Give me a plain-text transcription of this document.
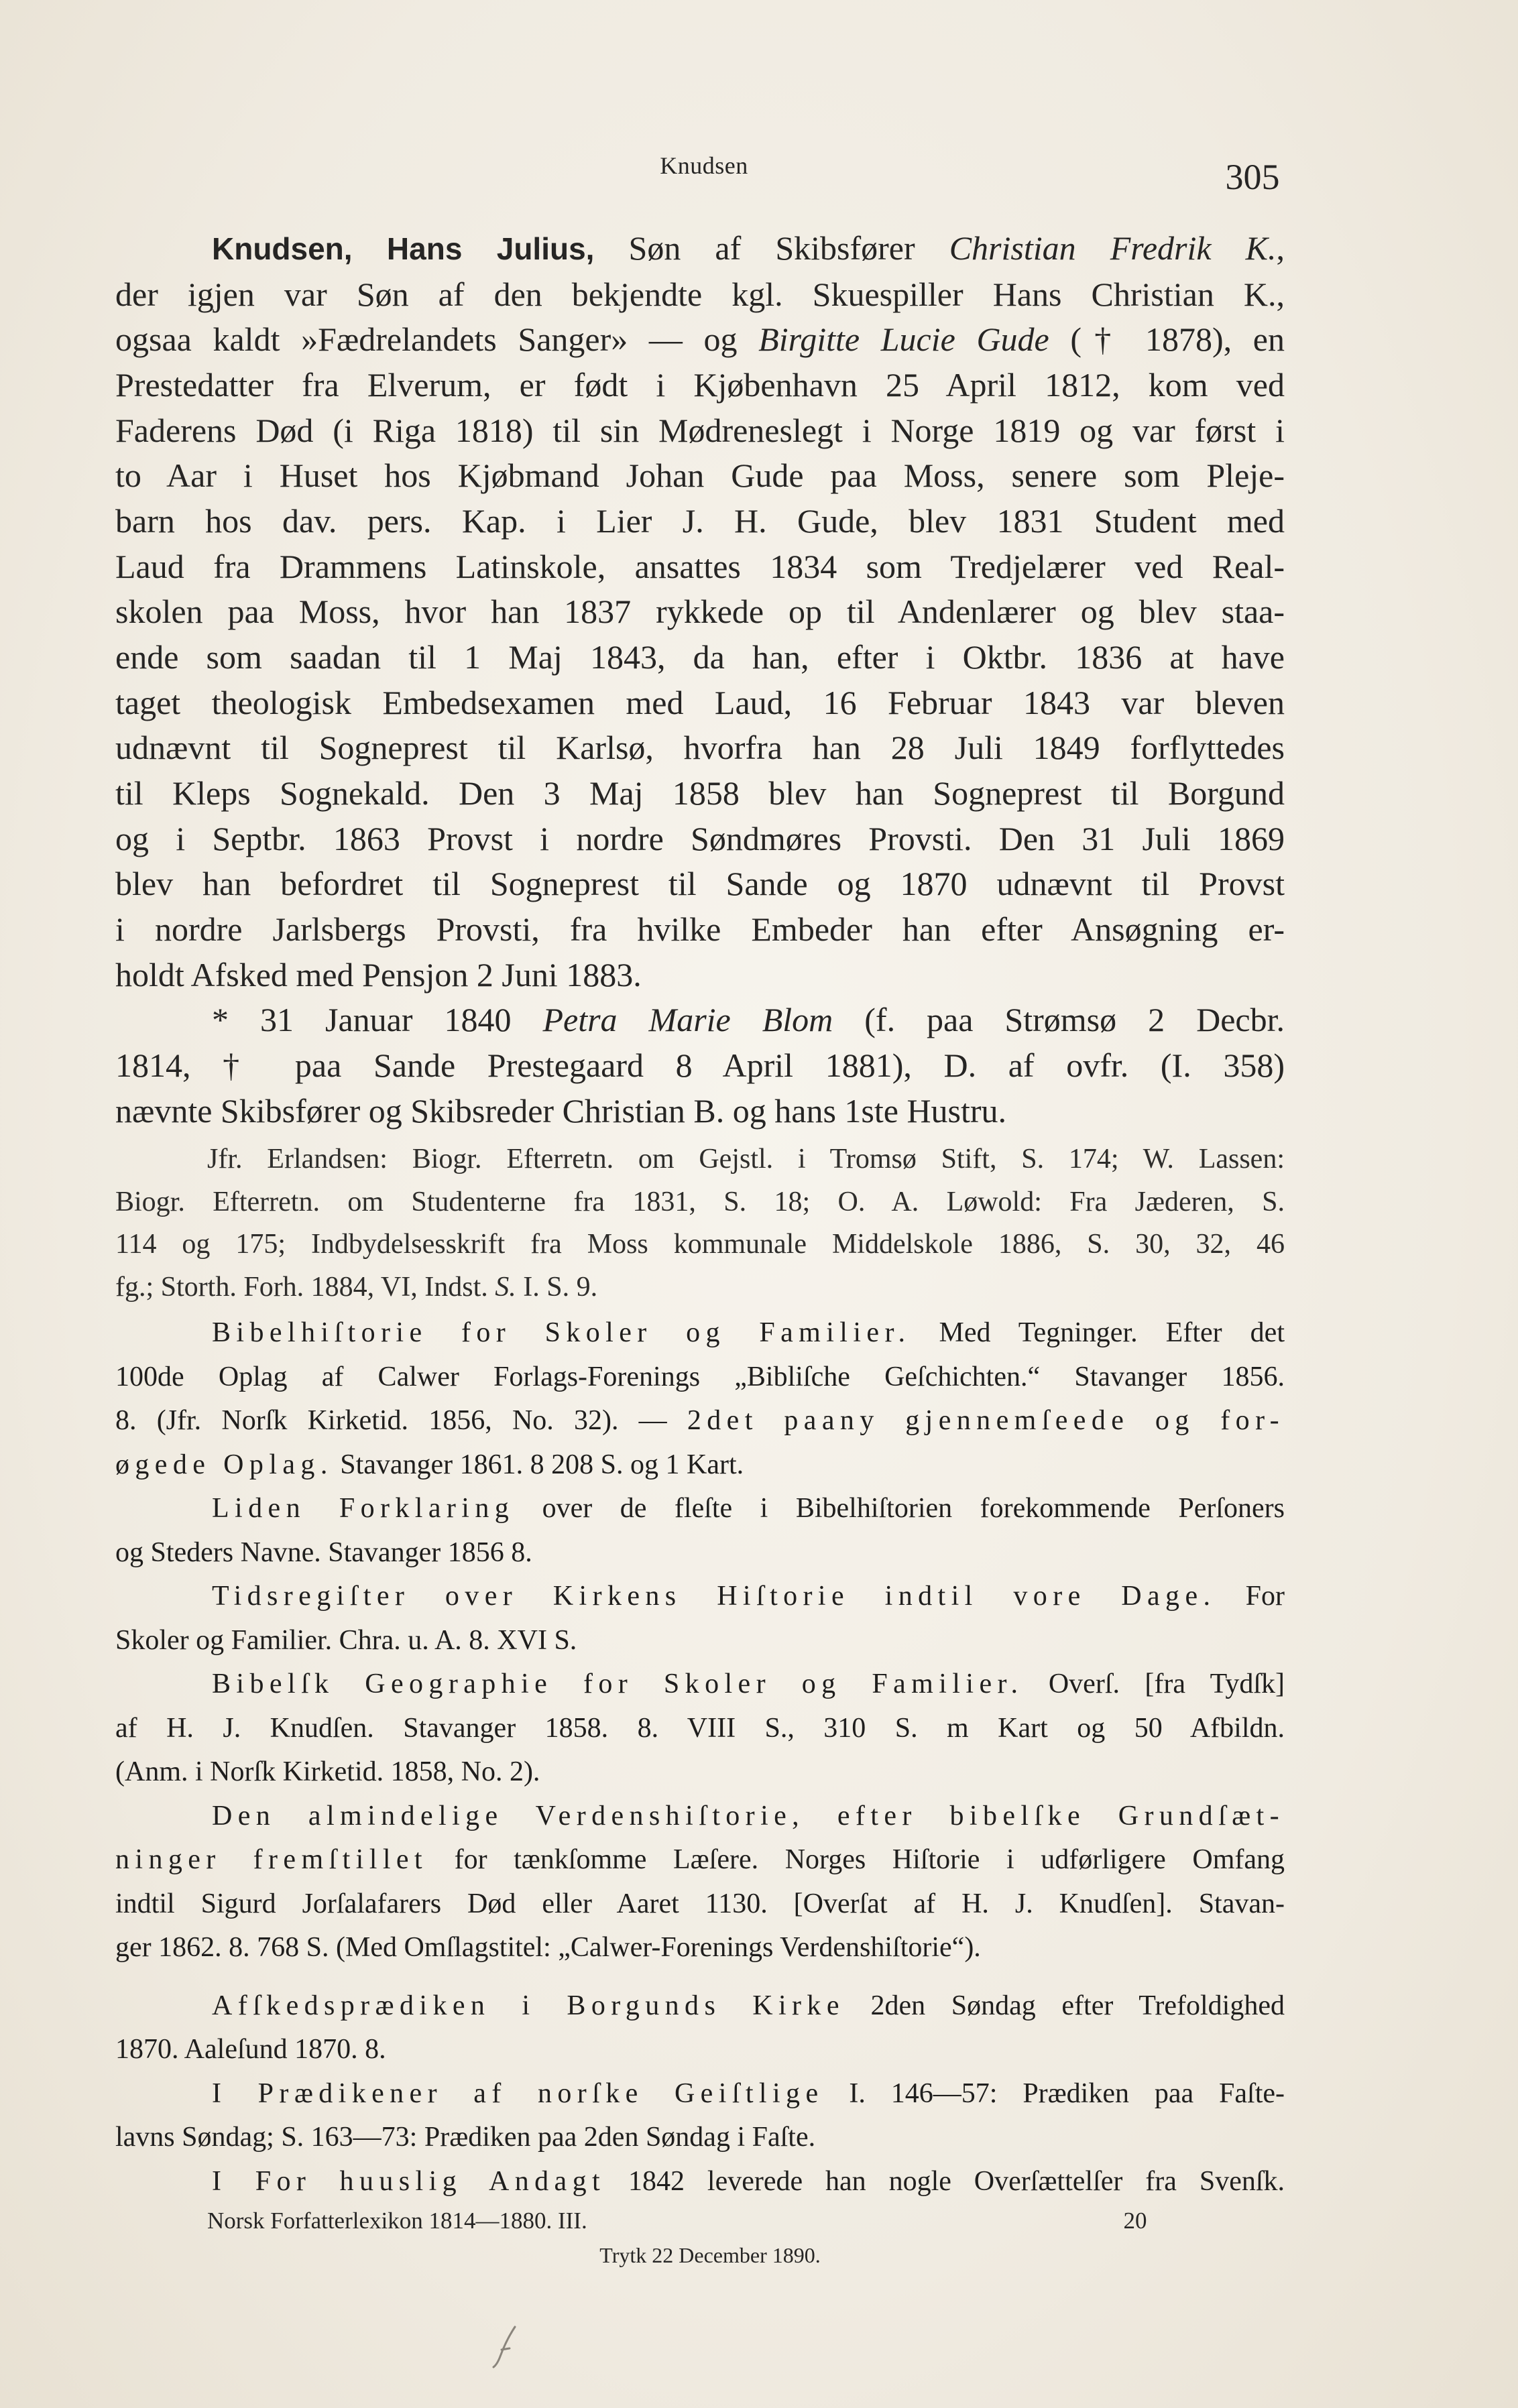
Knudsen	305
Knudsen, Hans Julius, Søn af Skibsfører Christian Fredrik K.,
der igjen var Søn af den bekjendte kgl. Skuespiller Hans Christian K.,
ogsaa kaldt »Fædrelandets Sanger» — og Birgitte Lucie Gude († 1878), en
Prestedatter fra Elverum, er født i Kjøbenhavn 25 April 1812, kom ved
Faderens Død (i Riga 1818) til sin Mødreneslegt i Norge 1819 og var først i
to Aar i Huset hos Kjøbmand Johan Gude paa Moss, senere som Pleje-
barn hos dav. pers. Kap. i Lier J. H. Gude, blev 1831 Student med
Laud fra Drammens Latinskole, ansattes 1834 som Tredjelærer ved Real-
skolen paa Moss, hvor han 1837 rykkede op til Andenlærer og blev staa-
ende som saadan til 1 Maj 1843, da han, efter i Oktbr. 1836 at have
taget theologisk Embedsexamen med Laud, 16 Februar 1843 var bleven
udnævnt til Sogneprest til Karlsø, hvorfra han 28 Juli 1849 forflyttedes
til Kleps Sognekald. Den 3 Maj 1858 blev han Sogneprest til Borgund
og i Septbr. 1863 Provst i nordre Søndmøres Provsti. Den 31 Juli 1869
blev han befordret til Sogneprest til Sande og 1870 udnævnt til Provst
i nordre Jarlsbergs Provsti, fra hvilke Embeder han efter Ansøgning er-
holdt Afsked med Pensjon 2 Juni 1883.
* 31 Januar 1840 Petra Marie Blom (f. paa Strømsø 2 Decbr.
1814, † paa Sande Prestegaard 8 April 1881), D. af ovfr. (I. 358)
nævnte Skibsfører og Skibsreder Christian B. og hans 1ste Hustru.
Jfr. Erlandsen: Biogr. Efterretn. om Gejstl. i Tromsø Stift, S. 174; W. Lassen:
Biogr. Efterretn. om Studenterne fra 1831, S. 18; O. A. Løwold: Fra Jæderen, S.
114 og 175; Indbydelsesskrift fra Moss kommunale Middelskole 1886, S. 30, 32, 46
fg.; Storth. Forh. 1884, VI, Indst. S. I. S. 9.
Bibelhiſtorie for Skoler og Familier. Med Tegninger. Efter det
100de Oplag af Calwer Forlags-Forenings „Bibliſche Geſchichten.“ Stavanger 1856.
8. (Jfr. Norſk Kirketid. 1856, No. 32). — 2det paany gjennemſeede og for-
øgede Oplag. Stavanger 1861. 8 208 S. og 1 Kart.
Liden Forklaring over de fleſte i Bibelhiſtorien forekommende Perſoners
og Steders Navne. Stavanger 1856 8.
Tidsregiſter over Kirkens Hiſtorie indtil vore Dage. For
Skoler og Familier. Chra. u. A. 8. XVI S.
Bibelſk Geographie for Skoler og Familier. Overſ. [fra Tydſk]
af H. J. Knudſen. Stavanger 1858. 8. VIII S., 310 S. m Kart og 50 Afbildn.
(Anm. i Norſk Kirketid. 1858, No. 2).
Den almindelige Verdenshiſtorie, efter bibelſke Grundſæt-
ninger fremſtillet for tænkſomme Læſere. Norges Hiſtorie i udførligere Omfang
indtil Sigurd Jorſalafarers Død eller Aaret 1130. [Overſat af H. J. Knudſen]. Stavan-
ger 1862. 8. 768 S. (Med Omſlagstitel: „Calwer-Forenings Verdenshiſtorie“).
Afſkedsprædiken i Borgunds Kirke 2den Søndag efter Trefoldighed
1870. Aaleſund 1870. 8.
I Prædikener af norſke Geiſtlige I. 146—57: Prædiken paa Faſte-
lavns Søndag; S. 163—73: Prædiken paa 2den Søndag i Faſte.
I For huuslig Andagt 1842 leverede han nogle Overſættelſer fra Svenſk.
Norsk Forfatterlexikon 1814—1880. III.	20
Trytk 22 December 1890.
